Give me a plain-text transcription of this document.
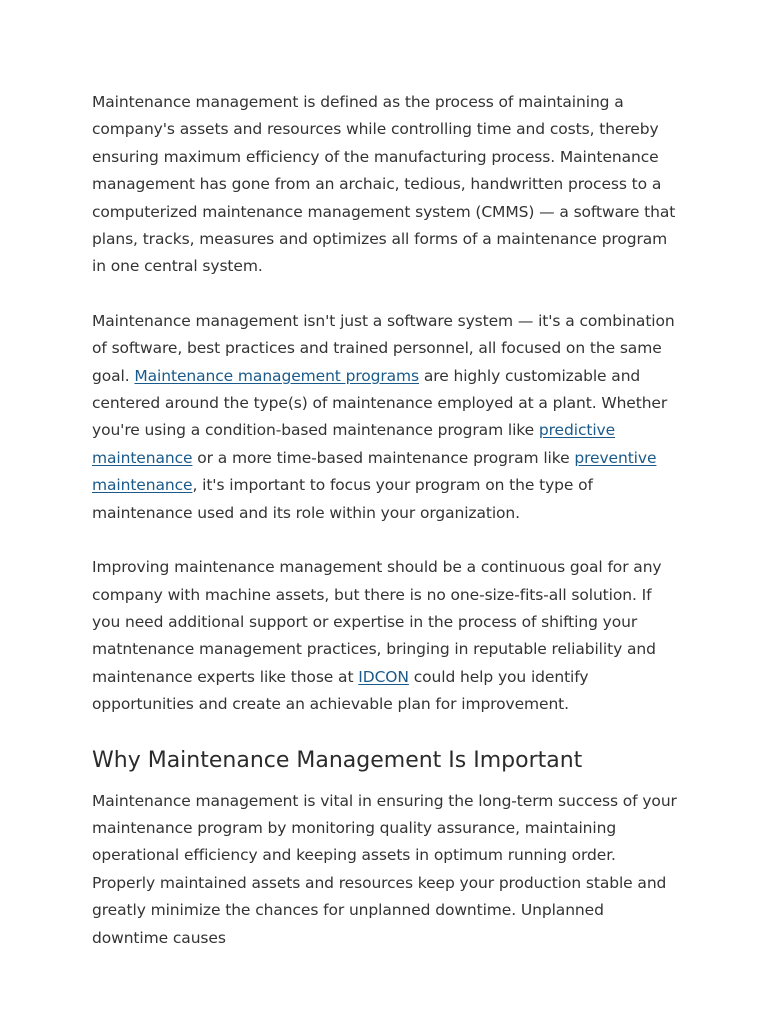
Maintenance management is defined as the process of maintaining a company's assets and resources while controlling time and costs, thereby ensuring maximum efficiency of the manufacturing process. Maintenance management has gone from an archaic, tedious, handwritten process to a computerized maintenance management system (CMMS) — a software that plans, tracks, measures and optimizes all forms of a maintenance program in one central system.

Maintenance management isn't just a software system — it's a combination of software, best practices and trained personnel, all focused on the same goal. Maintenance management programs are highly customizable and centered around the type(s) of maintenance employed at a plant. Whether you're using a condition-based maintenance program like predictive maintenance or a more time-based maintenance program like preventive maintenance, it's important to focus your program on the type of maintenance used and its role within your organization.

Improving maintenance management should be a continuous goal for any company with machine assets, but there is no one-size-fits-all solution. If you need additional support or expertise in the process of shifting your matntenance management practices, bringing in reputable reliability and maintenance experts like those at IDCON could help you identify opportunities and create an achievable plan for improvement.

Why Maintenance Management Is Important

Maintenance management is vital in ensuring the long-term success of your maintenance program by monitoring quality assurance, maintaining operational efficiency and keeping assets in optimum running order. Properly maintained assets and resources keep your production stable and greatly minimize the chances for unplanned downtime. Unplanned downtime causes
